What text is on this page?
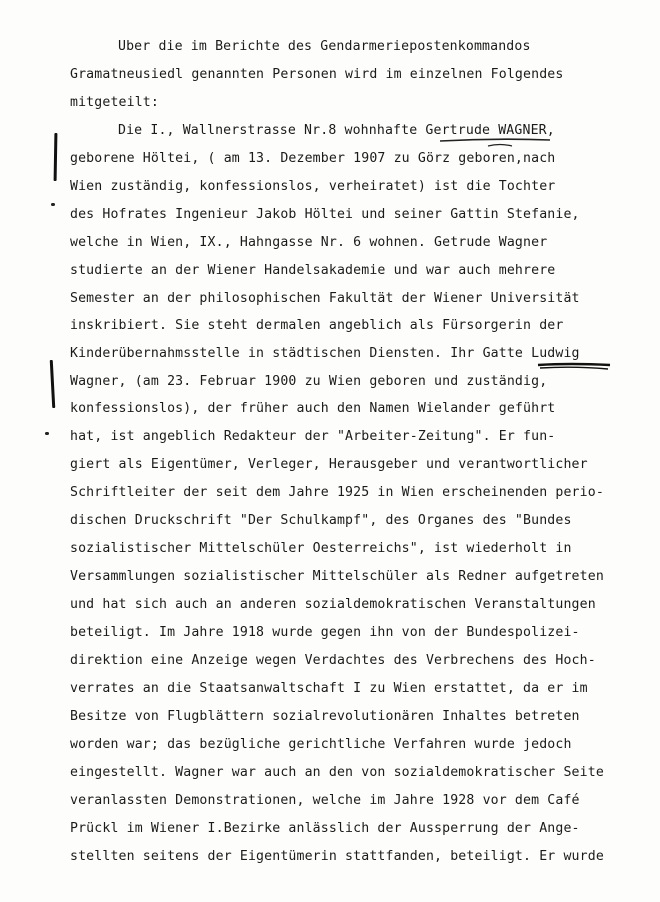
Uber die im Berichte des Gendarmeriepostenkommandos
Gramatneusiedl genannten Personen wird im einzelnen Folgendes
mitgeteilt:
Die I., Wallnerstrasse Nr.8 wohnhafte Gertrude WAGNER,
geborene Höltei, ( am 13. Dezember 1907 zu Görz geboren,nach
Wien zuständig, konfessionslos, verheiratet) ist die Tochter
des Hofrates Ingenieur Jakob Höltei und seiner Gattin Stefanie,
welche in Wien, IX., Hahngasse Nr. 6 wohnen. Getrude Wagner
studierte an der Wiener Handelsakademie und war auch mehrere
Semester an der philosophischen Fakultät der Wiener Universität
inskribiert. Sie steht dermalen angeblich als Fürsorgerin der
Kinderübernahmsstelle in städtischen Diensten. Ihr Gatte Ludwig
Wagner, (am 23. Februar 1900 zu Wien geboren und zuständig,
konfessionslos), der früher auch den Namen Wielander geführt
hat, ist angeblich Redakteur der "Arbeiter-Zeitung". Er fun-
giert als Eigentümer, Verleger, Herausgeber und verantwortlicher
Schriftleiter der seit dem Jahre 1925 in Wien erscheinenden perio-
dischen Druckschrift "Der Schulkampf", des Organes des "Bundes
sozialistischer Mittelschüler Oesterreichs", ist wiederholt in
Versammlungen sozialistischer Mittelschüler als Redner aufgetreten
und hat sich auch an anderen sozialdemokratischen Veranstaltungen
beteiligt. Im Jahre 1918 wurde gegen ihn von der Bundespolizei-
direktion eine Anzeige wegen Verdachtes des Verbrechens des Hoch-
verrates an die Staatsanwaltschaft I zu Wien erstattet, da er im
Besitze von Flugblättern sozialrevolutionären Inhaltes betreten
worden war; das bezügliche gerichtliche Verfahren wurde jedoch
eingestellt. Wagner war auch an den von sozialdemokratischer Seite
veranlassten Demonstrationen, welche im Jahre 1928 vor dem Café
Prückl im Wiener I.Bezirke anlässlich der Aussperrung der Ange-
stellten seitens der Eigentümerin stattfanden, beteiligt. Er wurde
